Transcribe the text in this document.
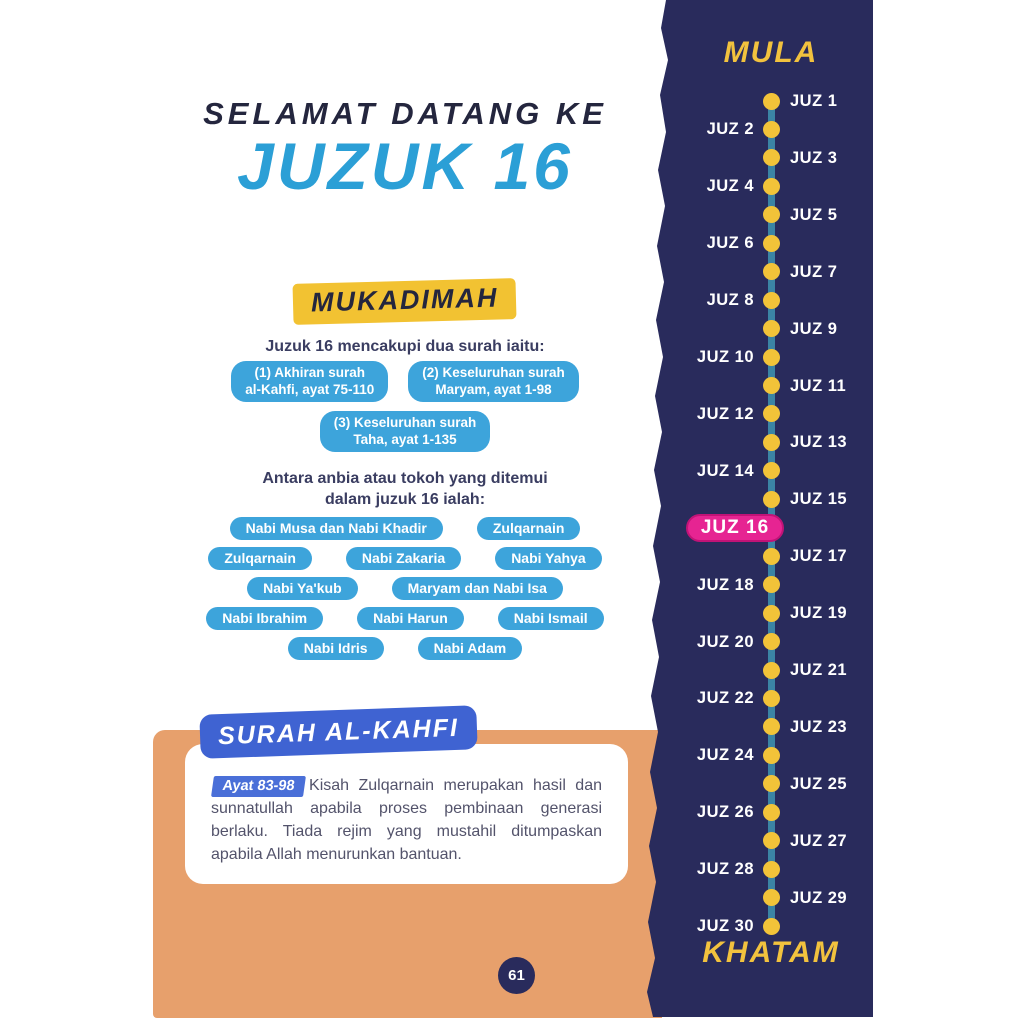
SELAMAT DATANG KE
JUZUK 16
MUKADIMAH

Juzuk 16 mencakupi dua surah iaitu:

(1) Akhiran surah
al-Kahfi, ayat 75-110
(2) Keseluruhan surah
Maryam, ayat 1-98
(3) Keseluruhan surah
Taha, ayat 1-135

Antara anbia atau tokoh yang ditemui
dalam juzuk 16 ialah:

Nabi Musa dan Nabi Khadir	Zulqarnain
Zulqarnain	Nabi Zakaria	Nabi Yahya
Nabi Ya'kub	Maryam dan Nabi Isa
Nabi Ibrahim	Nabi Harun	Nabi Ismail
Nabi Idris	Nabi Adam
SURAH AL-KAHFI

Ayat 83-98 Kisah Zulqarnain merupakan hasil dan sunnatullah apabila proses pembinaan generasi berlaku. Tiada rejim yang mustahil ditumpaskan apabila Allah menurunkan bantuan.

61
MULA
KHATAM
JUZ 1
JUZ 2
JUZ 3
JUZ 4
JUZ 5
JUZ 6
JUZ 7
JUZ 8
JUZ 9
JUZ 10
JUZ 11
JUZ 12
JUZ 13
JUZ 14
JUZ 15
JUZ 16
JUZ 17
JUZ 18
JUZ 19
JUZ 20
JUZ 21
JUZ 22
JUZ 23
JUZ 24
JUZ 25
JUZ 26
JUZ 27
JUZ 28
JUZ 29
JUZ 30
